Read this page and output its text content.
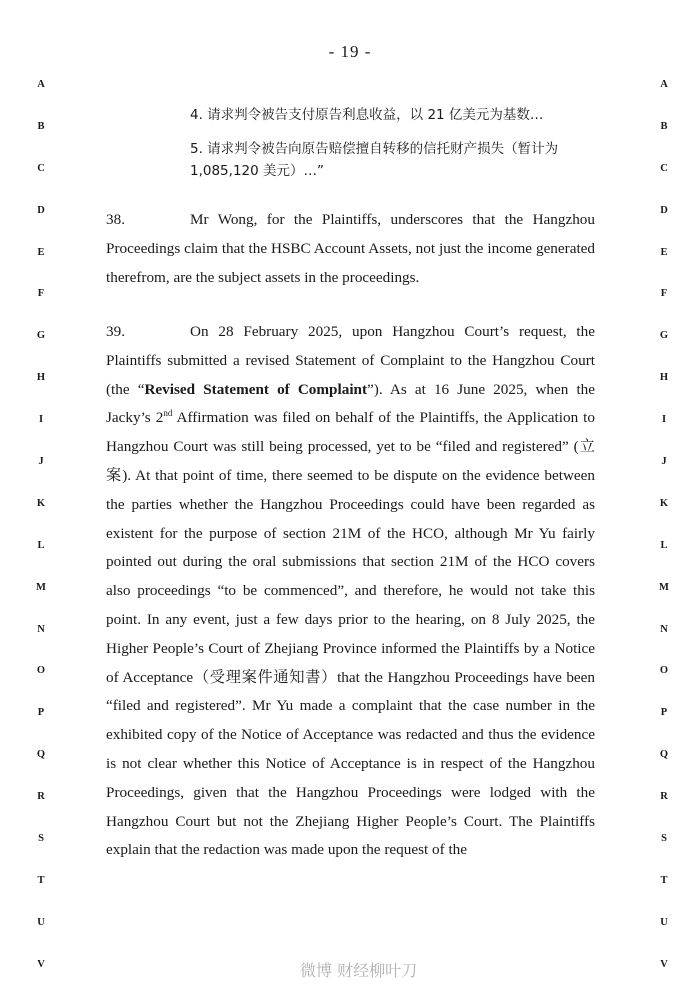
- 19 -
A
B
C
D
E
F
G
H
I
J
K
L
M
N
O
P
Q
R
S
T
U
V
A
B
C
D
E
F
G
H
I
J
K
L
M
N
O
P
Q
R
S
T
U
V
4. 请求判令被告支付原告利息收益，以 21 亿美元为基数…
5. 请求判令被告向原告赔偿擅自转移的信托财产损失（暂计为 1,085,120 美元）…”
38.	Mr Wong, for the Plaintiffs, underscores that the Hangzhou Proceedings claim that the HSBC Account Assets, not just the income generated therefrom, are the subject assets in the proceedings.
39.	On 28 February 2025, upon Hangzhou Court’s request, the Plaintiffs submitted a revised Statement of Complaint to the Hangzhou Court (the “Revised Statement of Complaint”). As at 16 June 2025, when the Jacky’s 2nd Affirmation was filed on behalf of the Plaintiffs, the Application to Hangzhou Court was still being processed, yet to be “filed and registered” (立案). At that point of time, there seemed to be dispute on the evidence between the parties whether the Hangzhou Proceedings could have been regarded as existent for the purpose of section 21M of the HCO, although Mr Yu fairly pointed out during the oral submissions that section 21M of the HCO covers also proceedings “to be commenced”, and therefore, he would not take this point. In any event, just a few days prior to the hearing, on 8 July 2025, the Higher People’s Court of Zhejiang Province informed the Plaintiffs by a Notice of Acceptance（受理案件通知書）that the Hangzhou Proceedings have been “filed and registered”. Mr Yu made a complaint that the case number in the exhibited copy of the Notice of Acceptance was redacted and thus the evidence is not clear whether this Notice of Acceptance is in respect of the Hangzhou Proceedings, given that the Hangzhou Proceedings were lodged with the Hangzhou Court but not the Zhejiang Higher People’s Court. The Plaintiffs explain that the redaction was made upon the request of the
微博 财经柳叶刀
